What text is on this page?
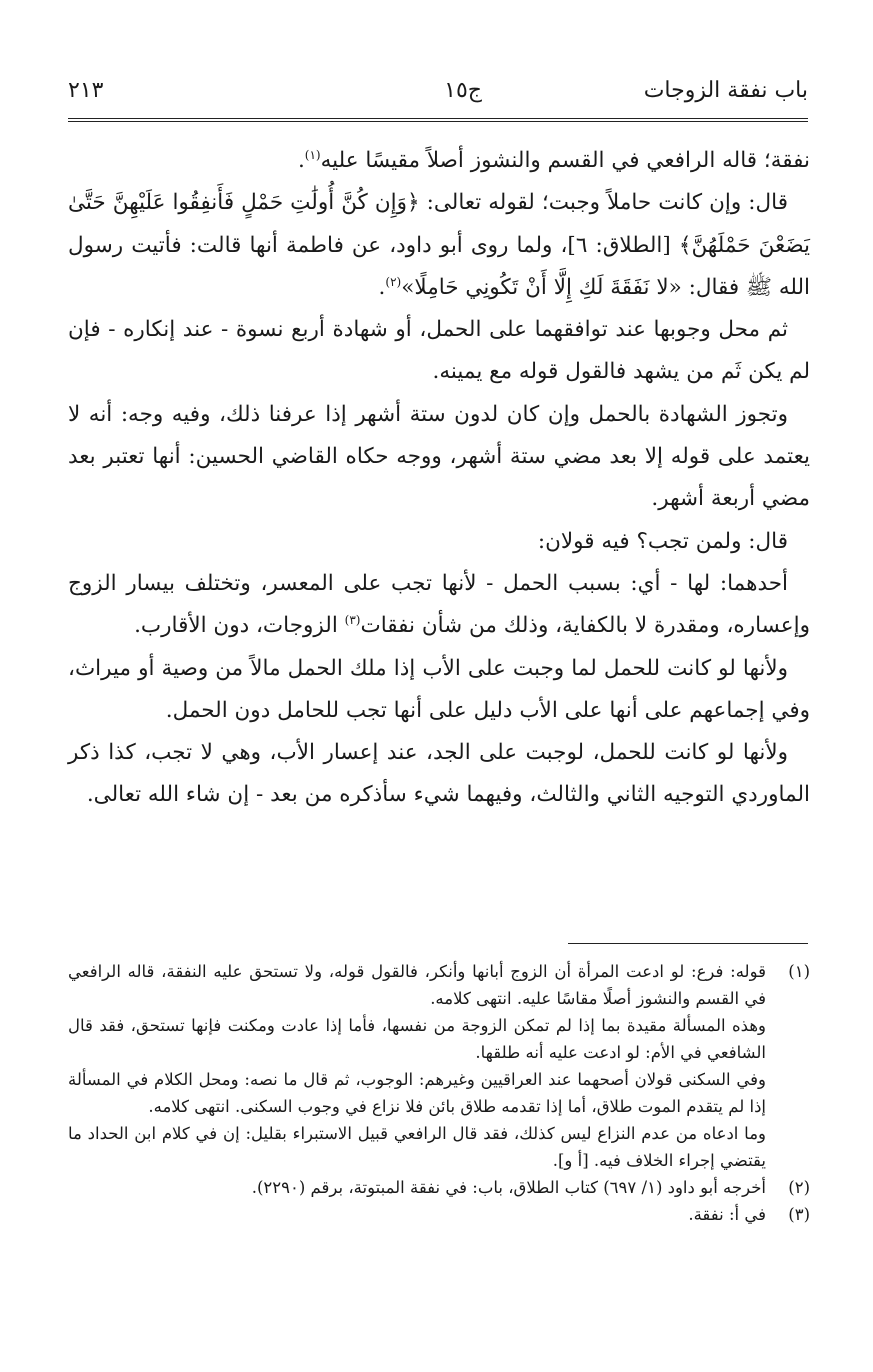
باب نفقة الزوجات
ج١٥
٢١٣

نفقة؛ قاله الرافعي في القسم والنشوز أصلاً مقيسًا عليه$^{(١)}$.

قال: وإن كانت حاملاً وجبت؛ لقوله تعالى: ﴿وَإِن كُنَّ أُولَٰتِ حَمْلٍ فَأَنفِقُوا عَلَيْهِنَّ حَتَّىٰ يَضَعْنَ حَمْلَهُنَّ﴾ [الطلاق: ٦]، ولما روى أبو داود، عن فاطمة أنها قالت: فأتيت رسول الله ﷺ فقال: «لا نَفَقَةَ لَكِ إِلَّا أَنْ تَكُونِي حَامِلًا»$^{(٢)}$.

ثم محل وجوبها عند توافقهما على الحمل، أو شهادة أربع نسوة - عند إنكاره - فإن لم يكن ثَم من يشهد فالقول قوله مع يمينه.

وتجوز الشهادة بالحمل وإن كان لدون ستة أشهر إذا عرفنا ذلك، وفيه وجه: أنه لا يعتمد على قوله إلا بعد مضي ستة أشهر، ووجه حكاه القاضي الحسين: أنها تعتبر بعد مضي أربعة أشهر.

قال: ولمن تجب؟ فيه قولان:

أحدهما: لها - أي: بسبب الحمل - لأنها تجب على المعسر، وتختلف بيسار الزوج وإعساره، ومقدرة لا بالكفاية، وذلك من شأن نفقات$^{(٣)}$ الزوجات، دون الأقارب.

ولأنها لو كانت للحمل لما وجبت على الأب إذا ملك الحمل مالاً من وصية أو ميراث، وفي إجماعهم على أنها على الأب دليل على أنها تجب للحامل دون الحمل.

ولأنها لو كانت للحمل، لوجبت على الجد، عند إعسار الأب، وهي لا تجب، كذا ذكر الماوردي التوجيه الثاني والثالث، وفيهما شيء سأذكره من بعد - إن شاء الله تعالى.

(١)

قوله: فرع: لو ادعت المرأة أن الزوج أبانها وأنكر، فالقول قوله، ولا تستحق عليه النفقة، قاله الرافعي في القسم والنشوز أصلًا مقاسًا عليه. انتهى كلامه.

وهذه المسألة مقيدة بما إذا لم تمكن الزوجة من نفسها، فأما إذا عادت ومكنت فإنها تستحق، فقد قال الشافعي في الأم: لو ادعت عليه أنه طلقها.

وفي السكنى قولان أصحهما عند العراقيين وغيرهم: الوجوب، ثم قال ما نصه: ومحل الكلام في المسألة إذا لم يتقدم الموت طلاق، أما إذا تقدمه طلاق بائن فلا نزاع في وجوب السكنى. انتهى كلامه.

وما ادعاه من عدم النزاع ليس كذلك، فقد قال الرافعي قبيل الاستبراء بقليل: إن في كلام ابن الحداد ما يقتضي إجراء الخلاف فيه. [أ و].

(٢)

أخرجه أبو داود (١/ ٦٩٧) كتاب الطلاق، باب: في نفقة المبتوتة، برقم (٢٢٩٠).

(٣)

في أ: نفقة.
